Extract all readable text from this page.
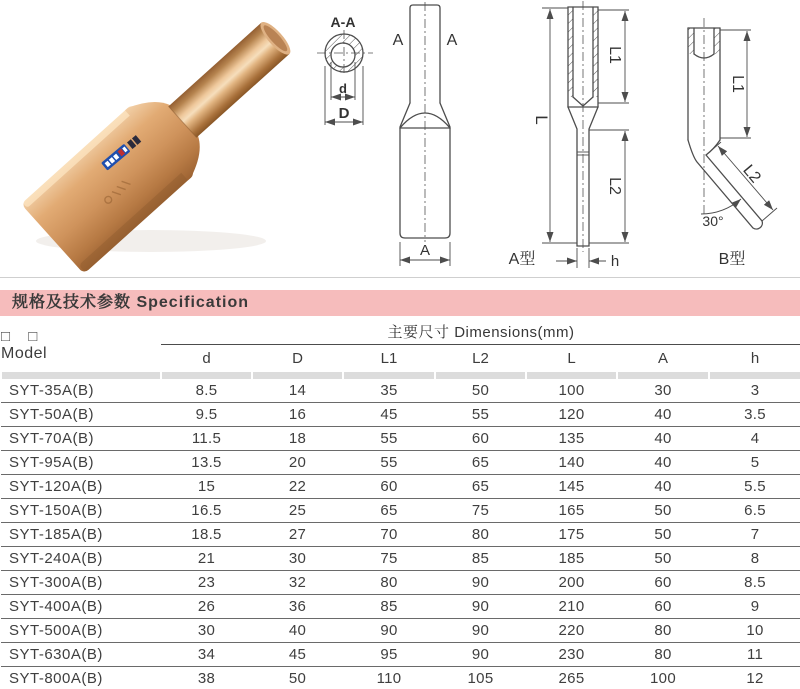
A-A
d
D
A	A
A
L
L1
L2
h
A型
L1
L2
30°
B型
规格及技术参数 Specification
□ □
Model	主要尺寸 Dimensions(mm)						
	d	D	L1	L2	L	A	h

SYT-35A(B)	8.5	14	35	50	100	30	3
SYT-50A(B)	9.5	16	45	55	120	40	3.5
SYT-70A(B)	11.5	18	55	60	135	40	4
SYT-95A(B)	13.5	20	55	65	140	40	5
SYT-120A(B)	15	22	60	65	145	40	5.5
SYT-150A(B)	16.5	25	65	75	165	50	6.5
SYT-185A(B)	18.5	27	70	80	175	50	7
SYT-240A(B)	21	30	75	85	185	50	8
SYT-300A(B)	23	32	80	90	200	60	8.5
SYT-400A(B)	26	36	85	90	210	60	9
SYT-500A(B)	30	40	90	90	220	80	10
SYT-630A(B)	34	45	95	90	230	80	11
SYT-800A(B)	38	50	110	105	265	100	12
